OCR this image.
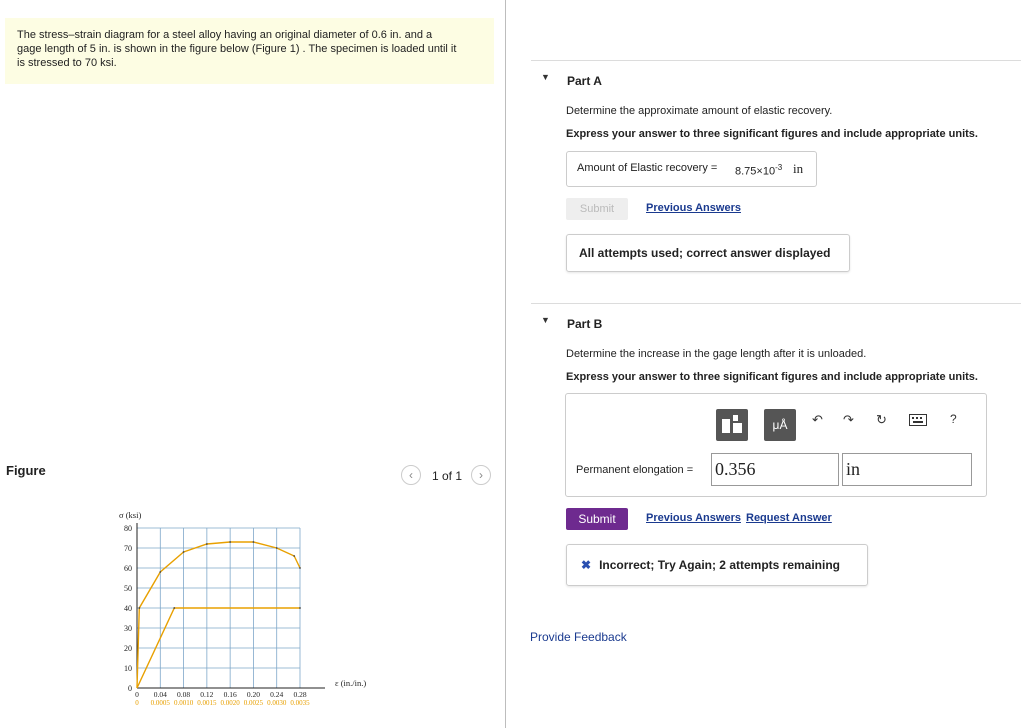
The stress–strain diagram for a steel alloy having an original diameter of 0.6 in. and a
gage length of 5 in. is shown in the figure below (Figure 1) . The specimen is loaded until it
is stressed to 70 ksi.
Figure	‹	1 of 1	›
80
70
60
50
40
30
20
10
0
0 0.04 0.08 0.12 0.16 0.20 0.24 0.28
0 0.0005 0.0010 0.0015 0.0020 0.0025 0.0030 0.0035
σ (ksi)
ε (in./in.)
▼ Part A
Determine the approximate amount of elastic recovery.
Express your answer to three significant figures and include appropriate units.
Amount of Elastic recovery = $8.75\times 10^{-3}$ in
Submit	Previous Answers
All attempts used; correct answer displayed
▼ Part B
Determine the increase in the gage length after it is unloaded.
Express your answer to three significant figures and include appropriate units.
μÅ	↶ ↷ ↻	?
Permanent elongation = 0.356	in
Submit	Previous Answers Request Answer
✖ Incorrect; Try Again; 2 attempts remaining
Provide Feedback
